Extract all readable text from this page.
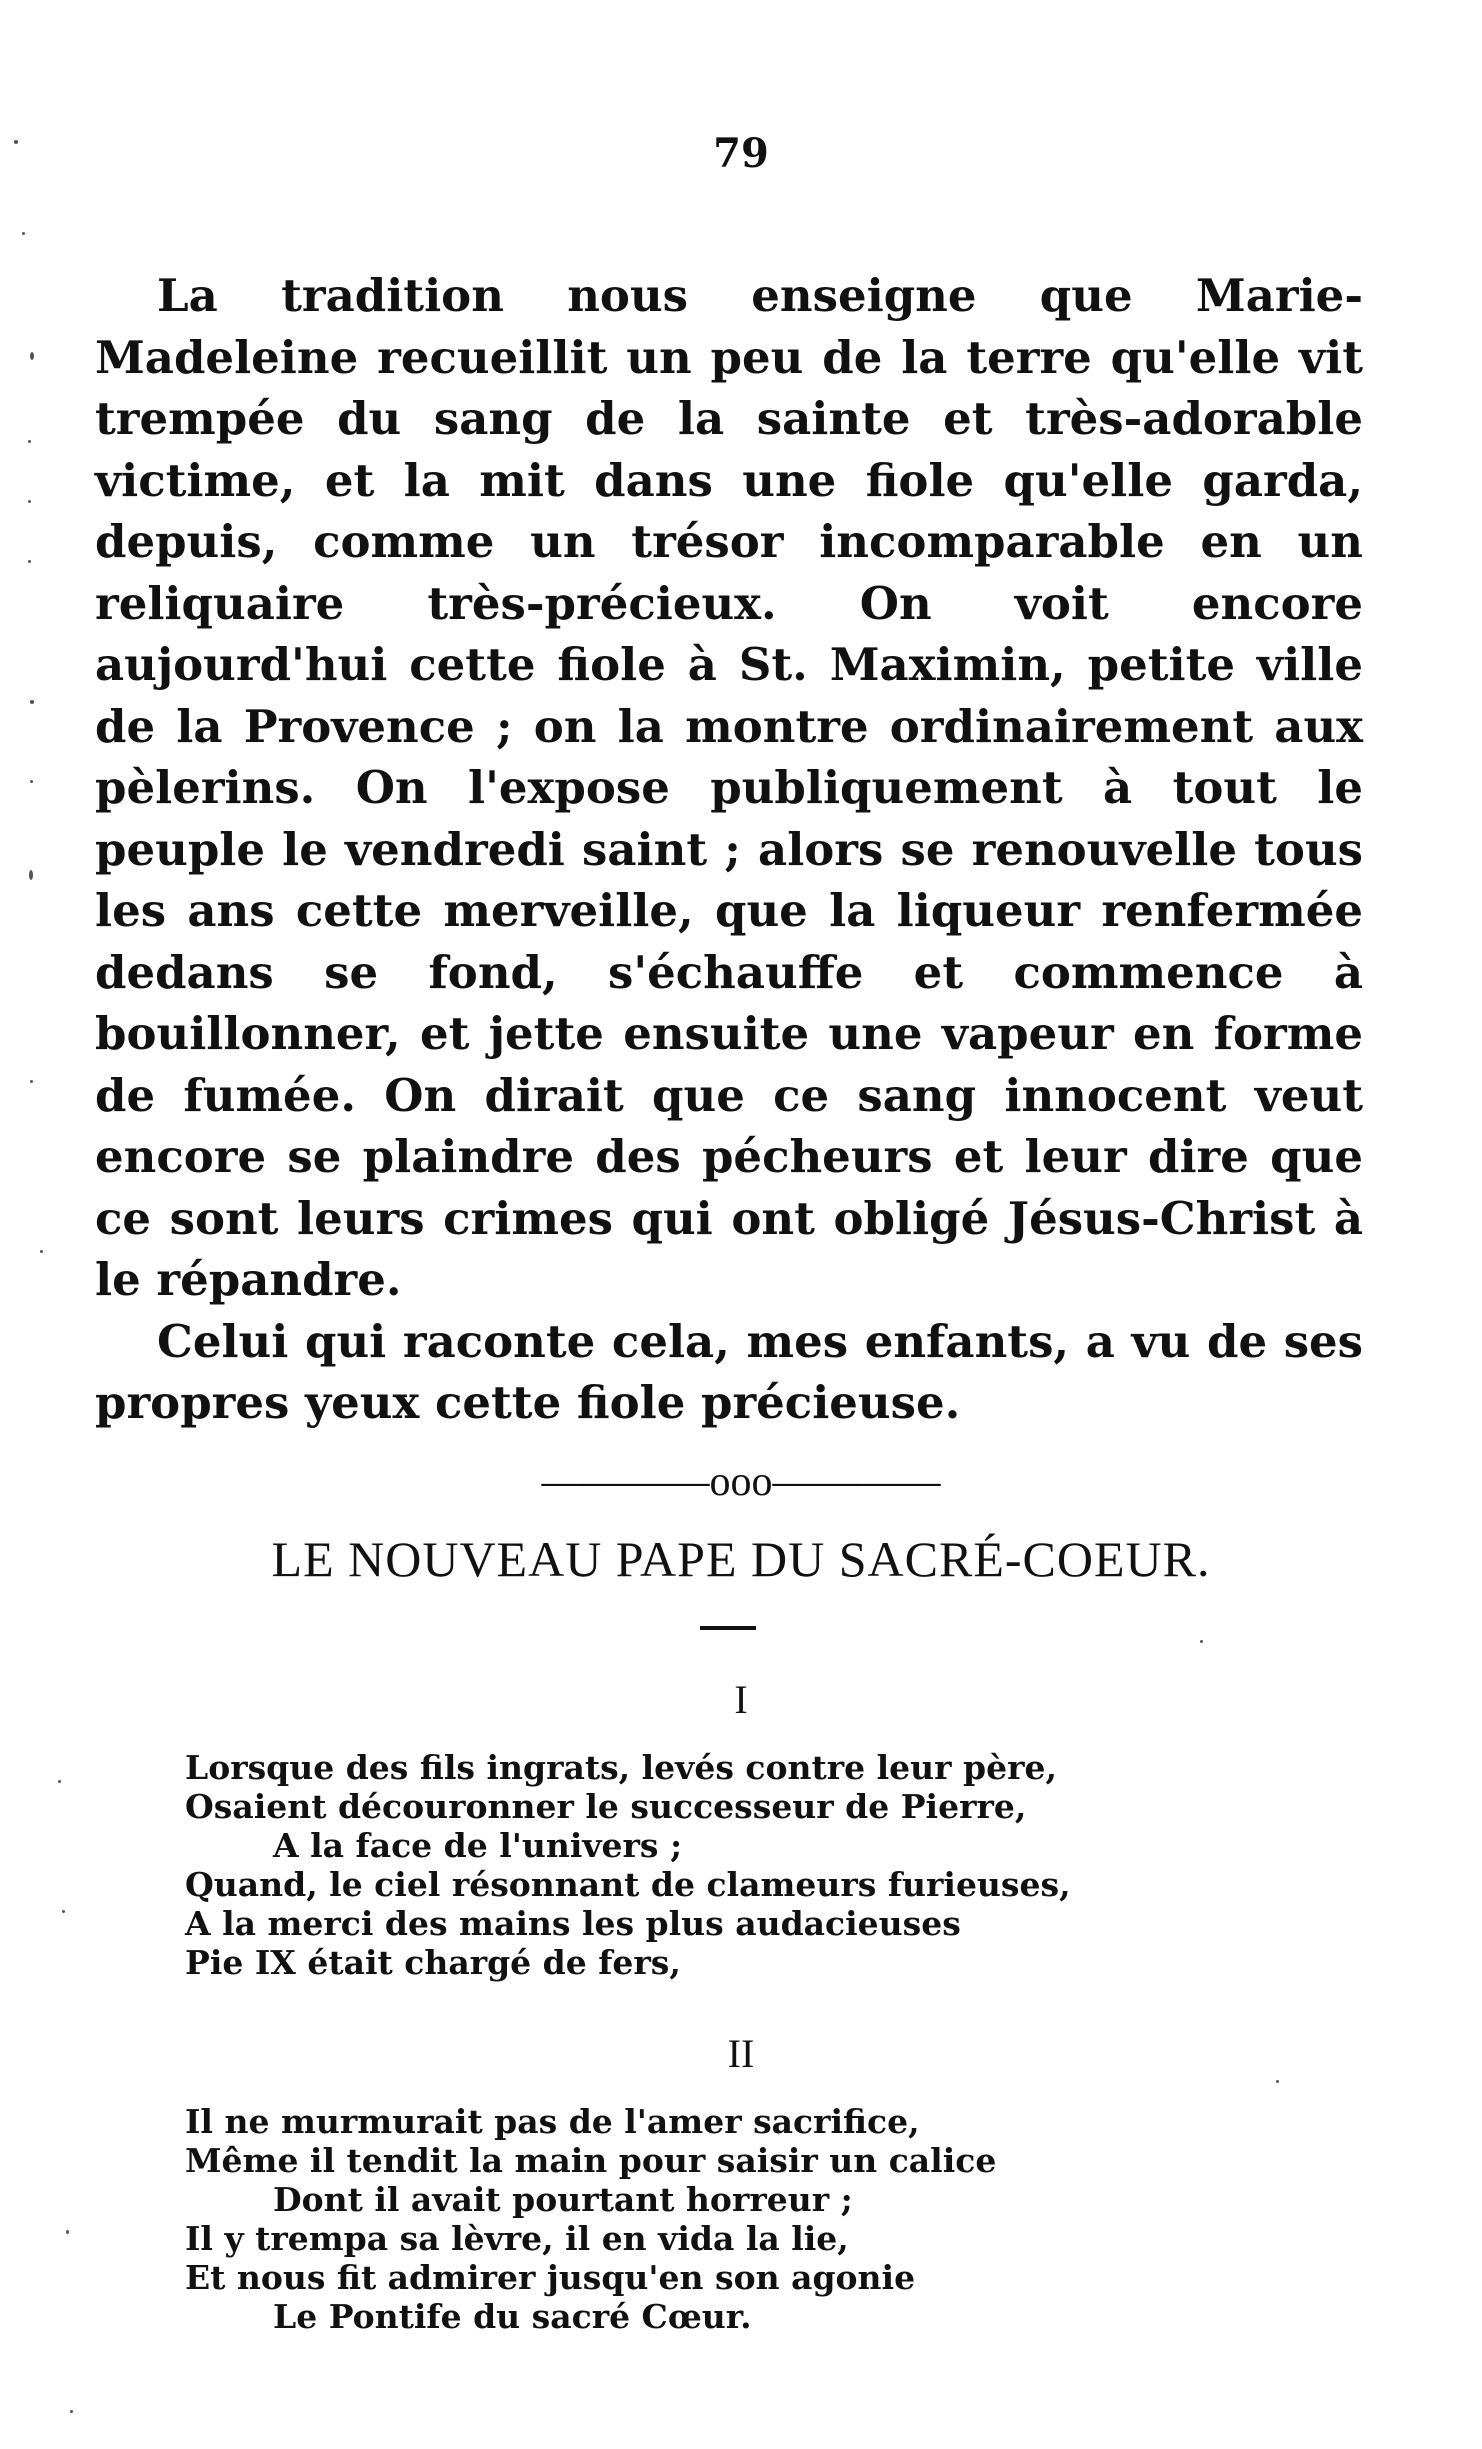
79

La tradition nous enseigne que Marie-Madeleine recueillit un peu de la terre qu'elle vit trempée du sang de la sainte et très-adorable victime, et la mit dans une fiole qu'elle garda, depuis, comme un trésor incomparable en un reliquaire très-précieux. On voit encore aujourd'hui cette fiole à St. Maximin, petite ville de la Provence ; on la montre ordinairement aux pèlerins. On l'expose publiquement à tout le peuple le vendredi saint ; alors se renouvelle tous les ans cette merveille, que la liqueur renfermée dedans se fond, s'échauffe et commence à bouillonner, et jette ensuite une vapeur en forme de fumée. On dirait que ce sang innocent veut encore se plaindre des pécheurs et leur dire que ce sont leurs crimes qui ont obligé Jésus-Christ à le répandre.

Celui qui raconte cela, mes enfants, a vu de ses propres yeux cette fiole précieuse.

————ooo————
LE NOUVEAU PAPE DU SACRÉ-COEUR.
I
Lorsque des fils ingrats, levés contre leur père,
Osaient découronner le successeur de Pierre,
A la face de l'univers ;
Quand, le ciel résonnant de clameurs furieuses,
A la merci des mains les plus audacieuses
Pie IX était chargé de fers,
II
Il ne murmurait pas de l'amer sacrifice,
Même il tendit la main pour saisir un calice
Dont il avait pourtant horreur ;
Il y trempa sa lèvre, il en vida la lie,
Et nous fit admirer jusqu'en son agonie
Le Pontife du sacré Cœur.
